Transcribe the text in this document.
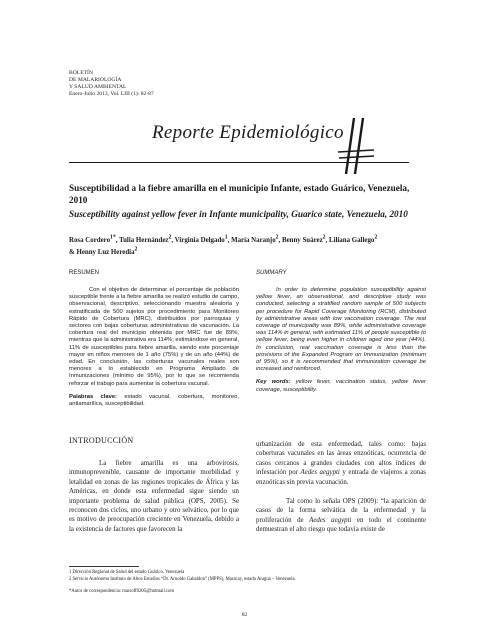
BOLETÍN
DE MALARIOLOGÍA
Y SALUD AMBIENTAL
Enero-Julio 2013, Vol. LIII (1): 82-87
Reporte Epidemiológico
Susceptibilidad a la fiebre amarilla en el municipio Infante, estado Guárico, Venezuela, 2010
Susceptibility against yellow fever in Infante municipality, Guarico state, Venezuela, 2010
Rosa Cordero$^{1*}$, Tulia Hernández$^2$, Virginia Delgado$^1$, María Naranjo$^2$, Benny Suárez$^2$, Liliana Gallego$^2$
& Henny Luz Heredia$^2$
RESUMEN
Con el objetivo de determinar el porcentaje de población susceptible frente a la fiebre amarilla se realizó estudio de campo, observacional, descriptivo, seleccionando muestra aleatoria y estratificada de 500 sujetos por procedimiento para Monitoreo Rápido de Cobertura (MRC), distribuidos por parroquias y sectores con bajas coberturas administrativas de vacunación. La cobertura real del municipio obtenida por MRC fue de 89%, mientras que la administrativa era 114%; estimándose en general, 11% de susceptibles para fiebre amarilla, siendo este porcentaje mayor en niños menores de 1 año (75%) y de un año (44%) de edad. En conclusión, las coberturas vacunales reales son menores a lo establecido en Programa Ampliado de Inmunizaciones (mínimo de 95%), por lo que se recomienda reforzar el trabajo para aumentar la cobertura vacunal.
Palabras clave: estado vacunal, cobertura, monitoreo, antiamarílica, susceptibilidad.
SUMMARY
In order to determine population susceptibility against yellow fever, an observational, and descriptive study was conducted, selecting a stratified random sample of 500 subjects per procedure for Rapid Coverage Monitoring (RCM), distributed by administrative areas with low vaccination coverage. The real coverage of municipality was 89%, while administrative coverage was 114% in general, with estimated 11% of people susceptible to yellow fever, being even higher in children aged one year (44%). In conclusion, real vaccination coverage is less than the provisions of the Expanded Program on Immunization (minimum of 95%), so it is recommended that immunization coverage be increased and reinforced.
Key words: yellow fever, vaccination status, yellow fever coverage, susceptibility.
INTRODUCCIÓN
La fiebre amarilla es una arbovirosis, inmunoprevenible, causante de importante morbilidad y letalidad en zonas de las regiones tropicales de África y las Américas, en donde esta enfermedad sigue siendo un importante problema de salud pública (OPS, 2005). Se reconocen dos ciclos, uno urbano y otro selvático, por lo que es motivo de preocupación creciente en Venezuela, debido a la existencia de factores que favorecen la
urbanización de esta enfermedad, tales como: bajas coberturas vacunales en las áreas enzoóticas, ocurrencia de casos cercanos a grandes ciudades con altos índices de infestación por Aedes aegypti y entrada de viajeros a zonas enzoóticas sin previa vacunación.
Tal como lo señala OPS (2009): “la aparición de casos de la forma selvática de la enfermedad y la proliferación de Aedes aegypti en todo el continente demuestran el alto riesgo que todavía existe de
1 Dirección Regional de Salud del estado Guárico. Venezuela
2 Servicio Autónomo Instituto de Altos Estudios “Dr. Arnoldo Gabaldon” (MPPS), Maracay, estado Aragua – Venezuela.
*Autor de correspondencia: marsoff0205@hotmail.com
82
